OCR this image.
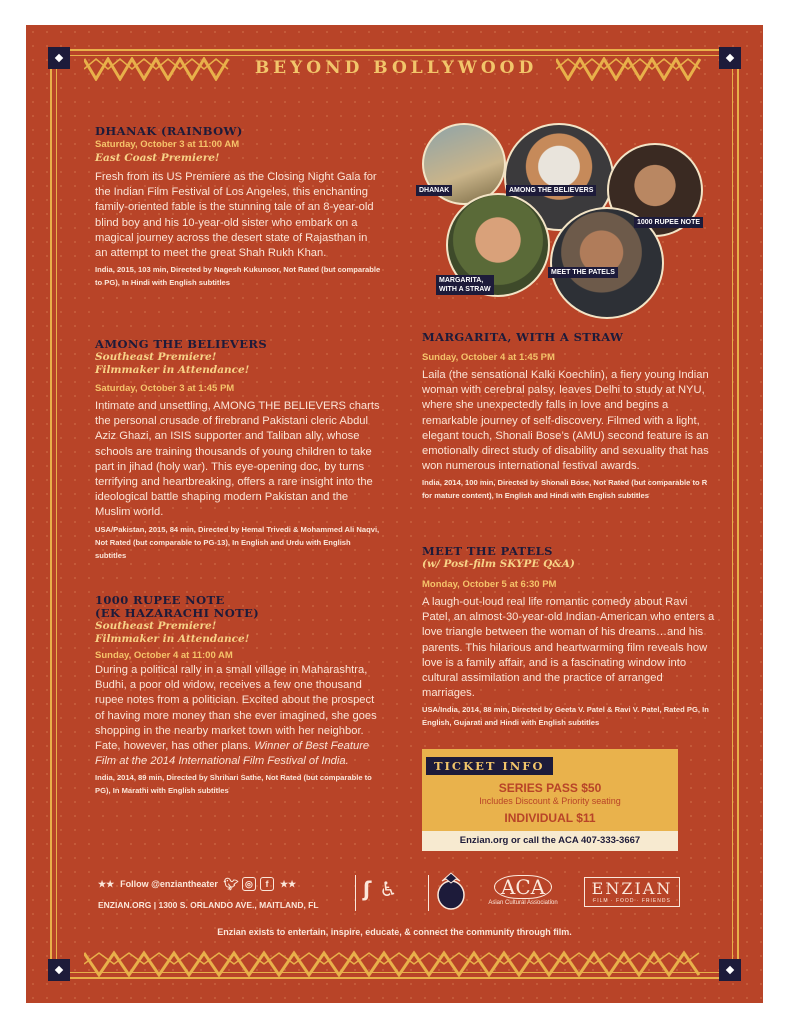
BEYOND BOLLYWOOD
DHANAK (RAINBOW)
Saturday, October 3 at 11:00 AM
East Coast Premiere!
Fresh from its US Premiere as the Closing Night Gala for the Indian Film Festival of Los Angeles, this enchanting family-oriented fable is the stunning tale of an 8-year-old blind boy and his 10-year-old sister who embark on a magical journey across the desert state of Rajasthan in an attempt to meet the great Shah Rukh Khan.
India, 2015, 103 min, Directed by Nagesh Kukunoor, Not Rated (but comparable to PG), In Hindi with English subtitles
AMONG THE BELIEVERS
Southeast Premiere!
Filmmaker in Attendance!
Saturday, October 3 at 1:45 PM
Intimate and unsettling, AMONG THE BELIEVERS charts the personal crusade of firebrand Pakistani cleric Abdul Aziz Ghazi, an ISIS supporter and Taliban ally, whose schools are training thousands of young children to take part in jihad (holy war). This eye-opening doc, by turns terrifying and heartbreaking, offers a rare insight into the ideological battle shaping modern Pakistan and the Muslim world.
USA/Pakistan, 2015, 84 min, Directed by Hemal Trivedi & Mohammed Ali Naqvi, Not Rated (but comparable to PG-13), In English and Urdu with English subtitles
1000 RUPEE NOTE
(EK HAZARACHI NOTE)
Southeast Premiere!
Filmmaker in Attendance!
Sunday, October 4 at 11:00 AM
During a political rally in a small village in Maharashtra, Budhi, a poor old widow, receives a few one thousand rupee notes from a politician. Excited about the prospect of having more money than she ever imagined, she goes shopping in the nearby market town with her neighbor. Fate, however, has other plans. Winner of Best Feature Film at the 2014 International Film Festival of India.
India, 2014, 89 min, Directed by Shrihari Sathe, Not Rated (but comparable to PG), In Marathi with English subtitles
DHANAK	AMONG THE BELIEVERS
1000 RUPEE NOTE
MARGARITA, WITH A STRAW
MEET THE PATELS
MARGARITA, WITH A STRAW
Sunday, October 4 at 1:45 PM
Laila (the sensational Kalki Koechlin), a fiery young Indian woman with cerebral palsy, leaves Delhi to study at NYU, where she unexpectedly falls in love and begins a remarkable journey of self-discovery. Filmed with a light, elegant touch, Shonali Bose’s (AMU) second feature is an emotionally direct study of disability and sexuality that has won numerous international festival awards.
India, 2014, 100 min, Directed by Shonali Bose, Not Rated (but comparable to R for mature content), In English and Hindi with English subtitles
MEET THE PATELS
(w/ Post-film SKYPE Q&A)
Monday, October 5 at 6:30 PM
A laugh-out-loud real life romantic comedy about Ravi Patel, an almost-30-year-old Indian-American who enters a love triangle between the woman of his dreams…and his parents. This hilarious and heartwarming film reveals how love is a family affair, and is a fascinating window into cultural assimilation and the practice of arranged marriages.
USA/India, 2014, 88 min, Directed by Geeta V. Patel & Ravi V. Patel, Rated PG, In English, Gujarati and Hindi with English subtitles
TICKET INFO
SERIES PASS $50
Includes Discount & Priority seating
INDIVIDUAL $11
Enzian.org or call the ACA 407-333-3667
★★ Follow @enziantheater 🐦︎ ◎	f	★★
ENZIAN.ORG | 1300 S. ORLANDO AVE., MAITLAND, FL
ʃ ♿︎	ACA
Asian Cultural Association
ENZIAN
FILM · FOOD · FRIENDS
Enzian exists to entertain, inspire, educate, & connect the community through film.
